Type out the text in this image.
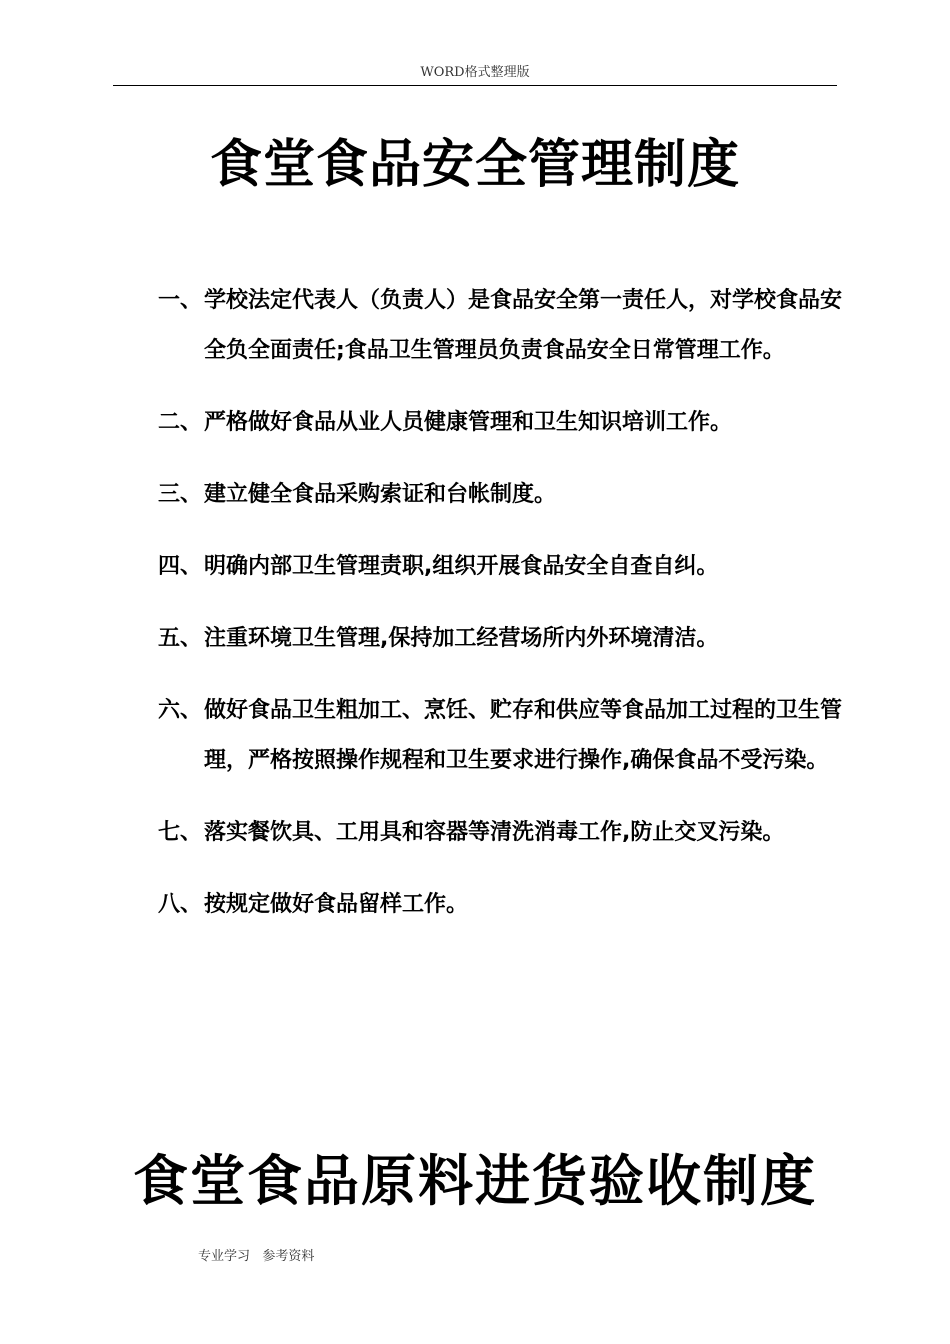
WORD格式整理版
食堂食品安全管理制度
一、 学校法定代表人（负责人）是食品安全第一责任人，对学校食品安全负全面责任;食品卫生管理员负责食品安全日常管理工作。
二、 严格做好食品从业人员健康管理和卫生知识培训工作。
三、 建立健全食品采购索证和台帐制度。
四、 明确内部卫生管理责职,组织开展食品安全自查自纠。
五、 注重环境卫生管理,保持加工经营场所内外环境清洁。
六、 做好食品卫生粗加工、烹饪、贮存和供应等食品加工过程的卫生管理，严格按照操作规程和卫生要求进行操作,确保食品不受污染。
七、 落实餐饮具、工用具和容器等清洗消毒工作,防止交叉污染。
八、 按规定做好食品留样工作。
食堂食品原料进货验收制度
专业学习   参考资料
